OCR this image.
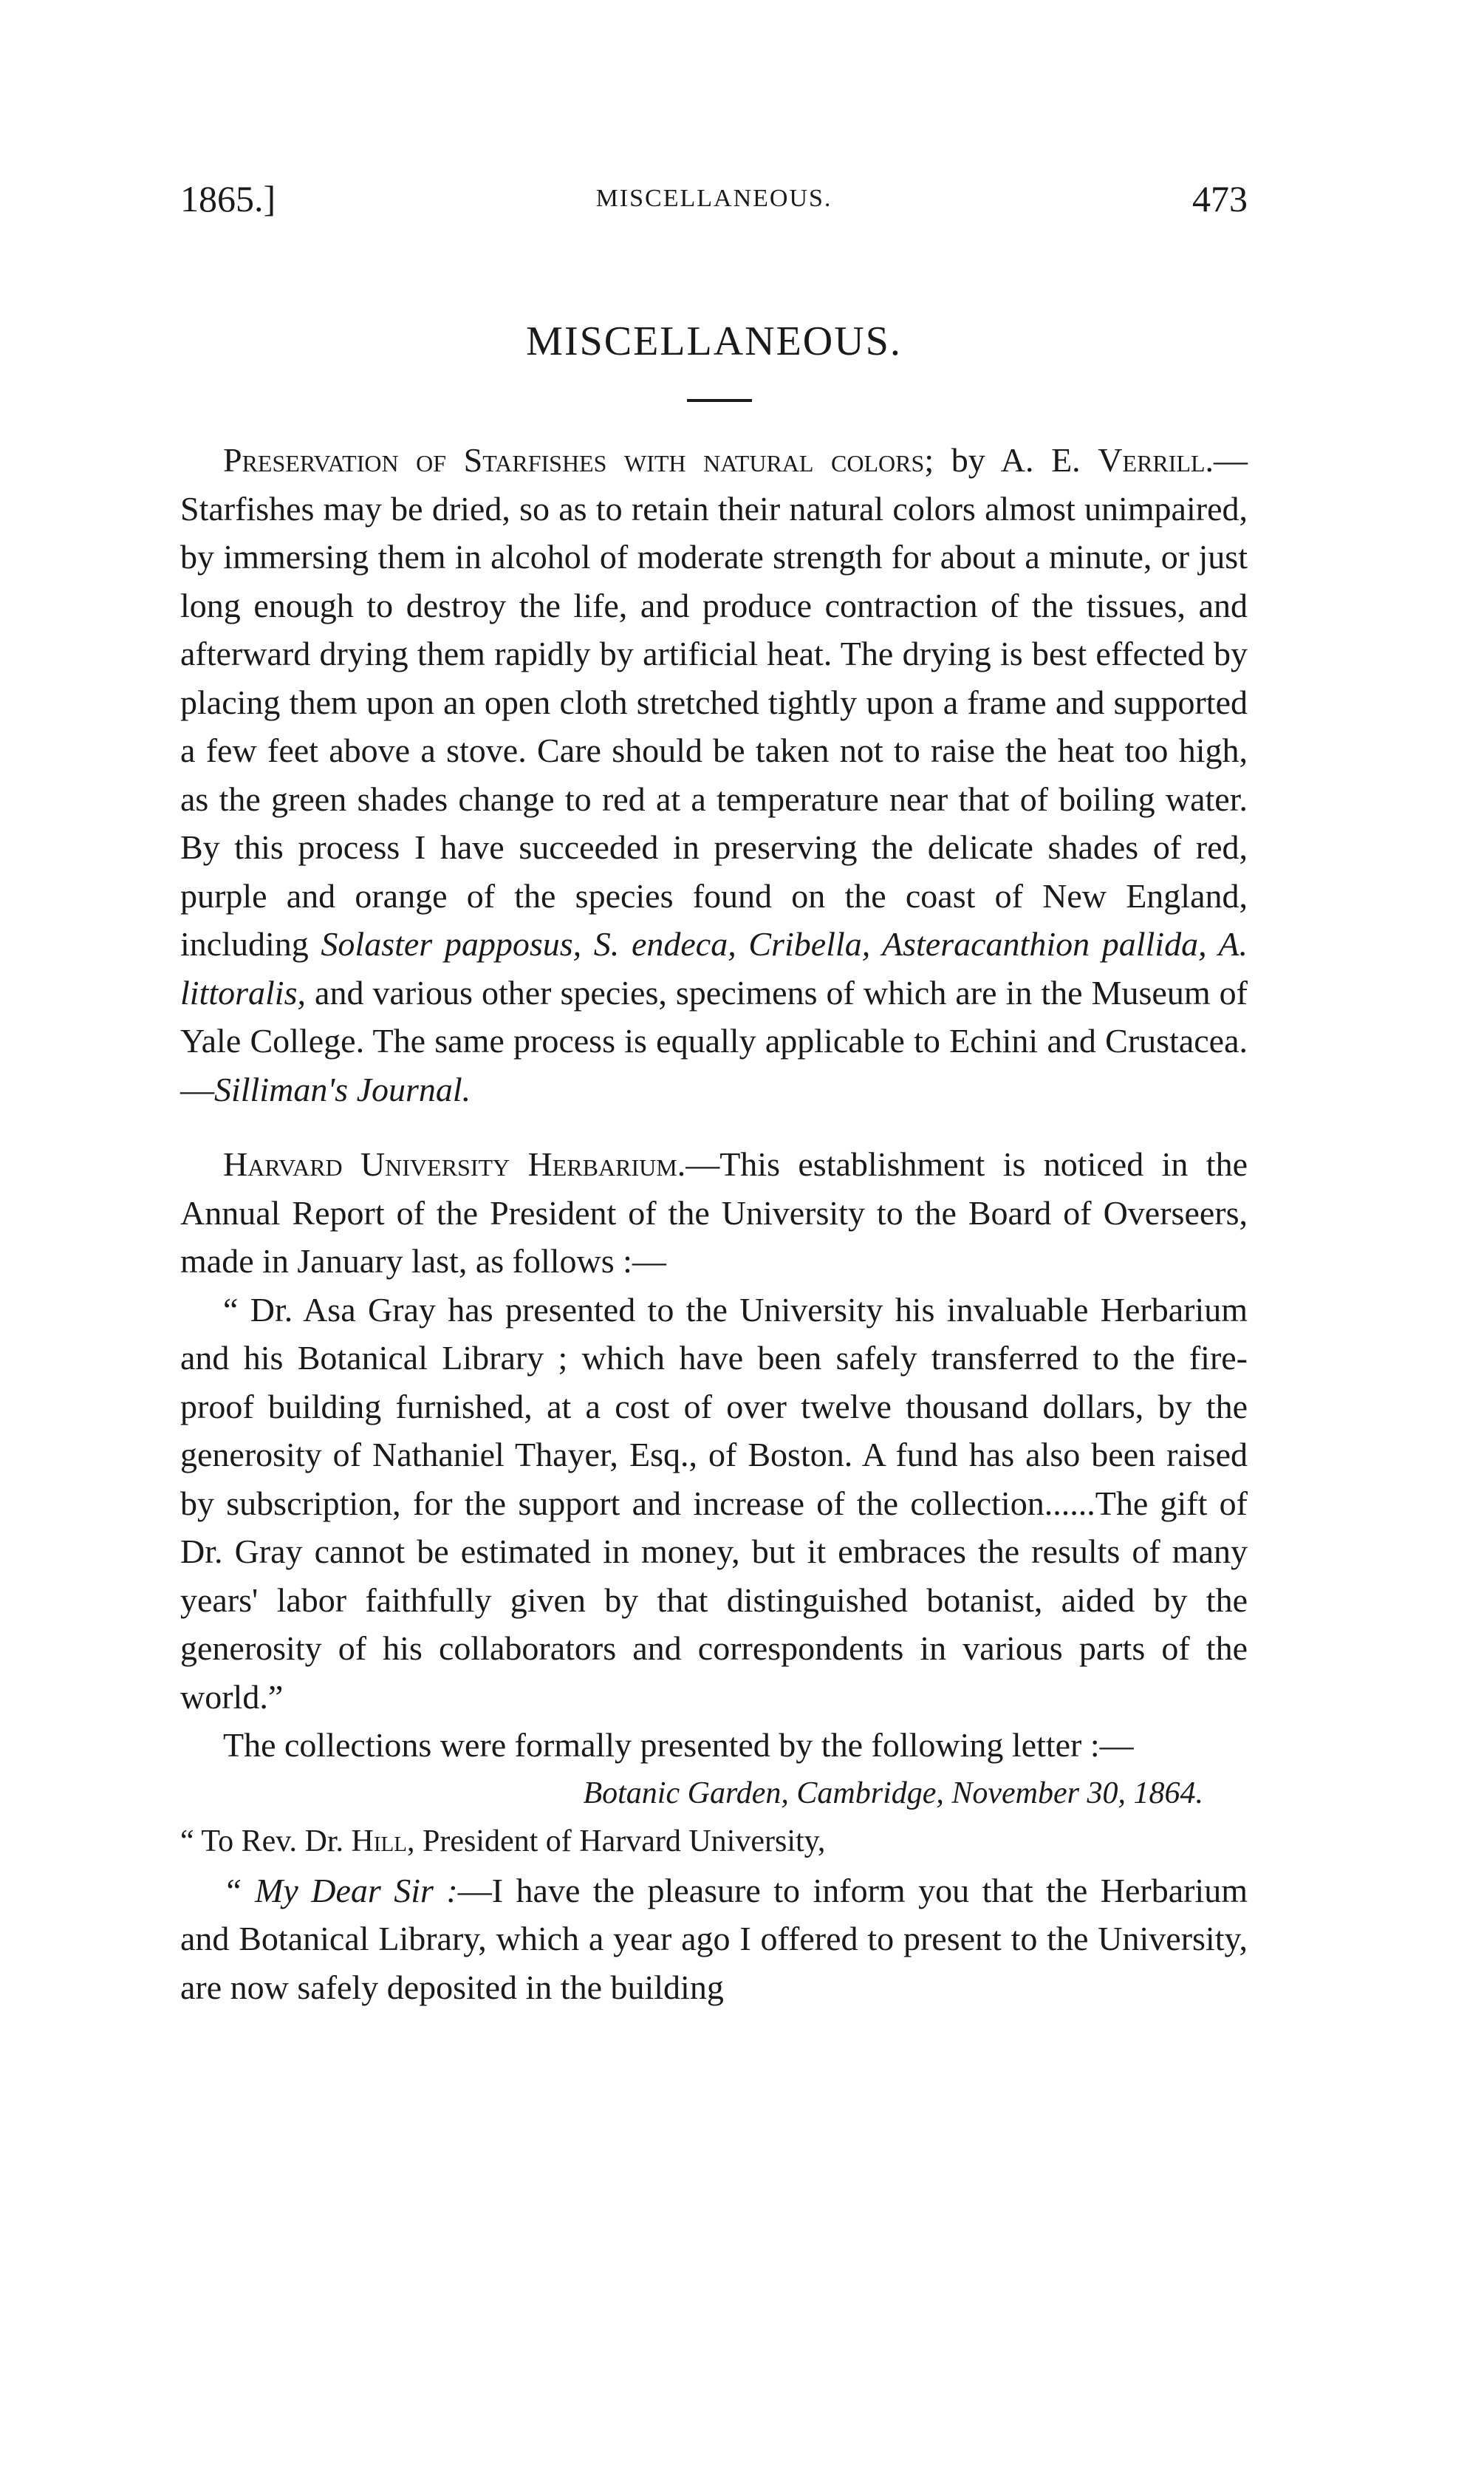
1865.]	MISCELLANEOUS.	473
MISCELLANEOUS.

Preservation of Starfishes with natural colors; by A. E. Verrill.—Starfishes may be dried, so as to retain their natural colors almost unimpaired, by immersing them in alcohol of moderate strength for about a minute, or just long enough to destroy the life, and produce contraction of the tissues, and afterward drying them rapidly by artificial heat. The drying is best effected by placing them upon an open cloth stretched tightly upon a frame and supported a few feet above a stove. Care should be taken not to raise the heat too high, as the green shades change to red at a temperature near that of boiling water. By this process I have succeeded in preserving the delicate shades of red, purple and orange of the species found on the coast of New England, including Solaster papposus, S. endeca, Cribella, Asteracanthion pallida, A. littoralis, and various other species, specimens of which are in the Museum of Yale College. The same process is equally applicable to Echini and Crustacea.—Silliman's Journal.

Harvard University Herbarium.—This establishment is noticed in the Annual Report of the President of the University to the Board of Overseers, made in January last, as follows :—

“ Dr. Asa Gray has presented to the University his invaluable Herbarium and his Botanical Library ; which have been safely transferred to the fire-proof building furnished, at a cost of over twelve thousand dollars, by the generosity of Nathaniel Thayer, Esq., of Boston. A fund has also been raised by subscription, for the support and increase of the collection......The gift of Dr. Gray cannot be estimated in money, but it embraces the results of many years' labor faithfully given by that distinguished botanist, aided by the generosity of his collaborators and correspondents in various parts of the world.”

The collections were formally presented by the following letter :—

Botanic Garden, Cambridge, November 30, 1864.

“ To Rev. Dr. Hill, President of Harvard University,

“ My Dear Sir :—I have the pleasure to inform you that the Herbarium and Botanical Library, which a year ago I offered to present to the University, are now safely deposited in the building
